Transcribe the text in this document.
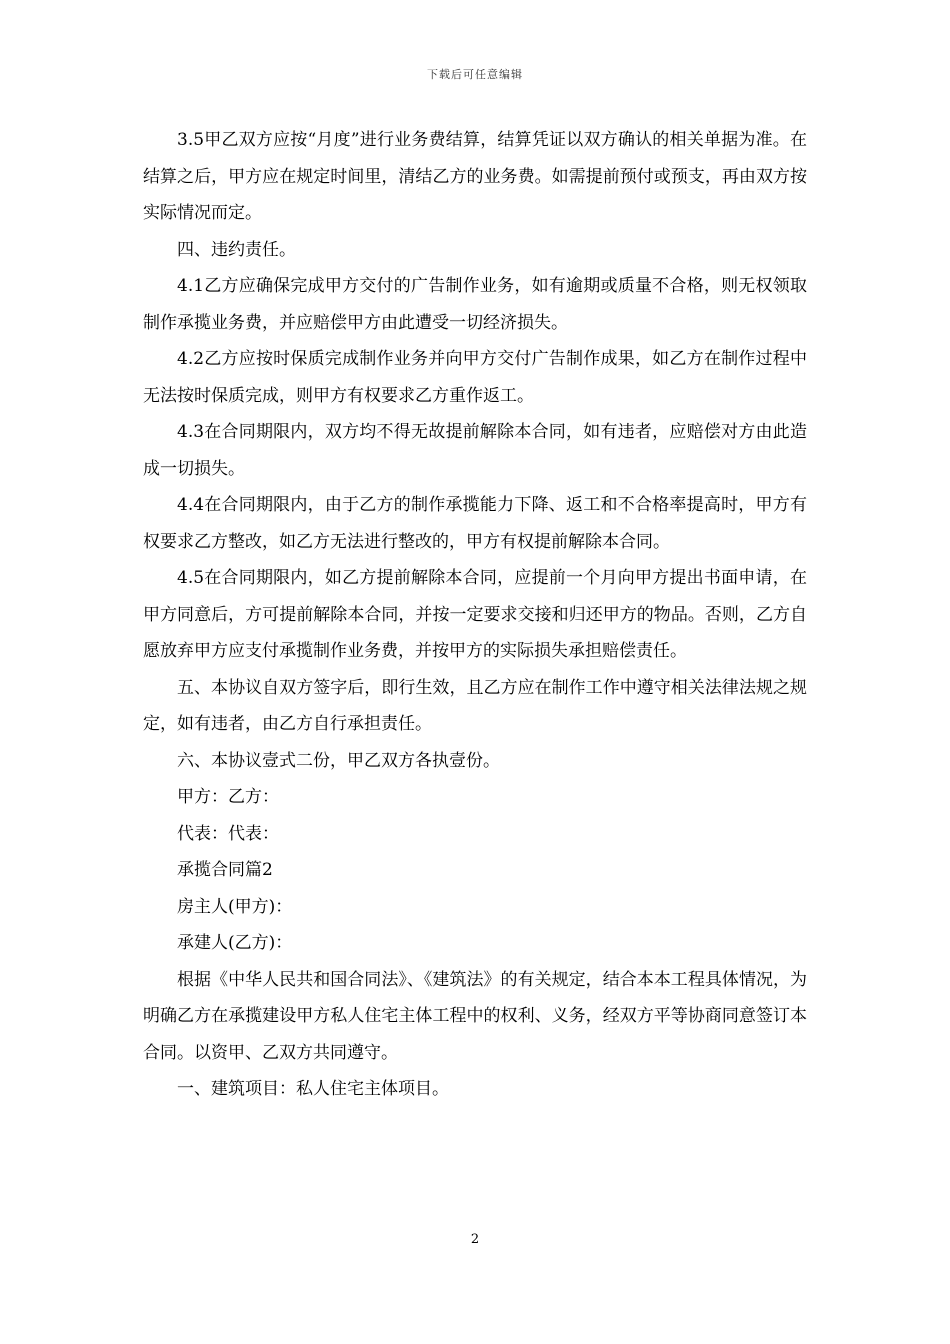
下载后可任意编辑

3.5甲乙双方应按“月度”进行业务费结算，结算凭证以双方确认的相关单据为准。在结算之后，甲方应在规定时间里，清结乙方的业务费。如需提前预付或预支，再由双方按实际情况而定。

四、违约责任。

4.1乙方应确保完成甲方交付的广告制作业务，如有逾期或质量不合格，则无权领取制作承揽业务费，并应赔偿甲方由此遭受一切经济损失。

4.2乙方应按时保质完成制作业务并向甲方交付广告制作成果，如乙方在制作过程中无法按时保质完成，则甲方有权要求乙方重作返工。

4.3在合同期限内，双方均不得无故提前解除本合同，如有违者，应赔偿对方由此造成一切损失。

4.4在合同期限内，由于乙方的制作承揽能力下降、返工和不合格率提高时，甲方有权要求乙方整改，如乙方无法进行整改的，甲方有权提前解除本合同。

4.5在合同期限内，如乙方提前解除本合同，应提前一个月向甲方提出书面申请，在甲方同意后，方可提前解除本合同，并按一定要求交接和归还甲方的物品。否则，乙方自愿放弃甲方应支付承揽制作业务费，并按甲方的实际损失承担赔偿责任。

五、本协议自双方签字后，即行生效，且乙方应在制作工作中遵守相关法律法规之规定，如有违者，由乙方自行承担责任。

六、本协议壹式二份，甲乙双方各执壹份。

甲方：乙方：

代表：代表：

承揽合同篇2

房主人(甲方)：

承建人(乙方)：

根据《中华人民共和国合同法》、《建筑法》的有关规定，结合本本工程具体情况，为明确乙方在承揽建设甲方私人住宅主体工程中的权利、义务，经双方平等协商同意签订本合同。以资甲、乙双方共同遵守。

一、建筑项目：私人住宅主体项目。

2
